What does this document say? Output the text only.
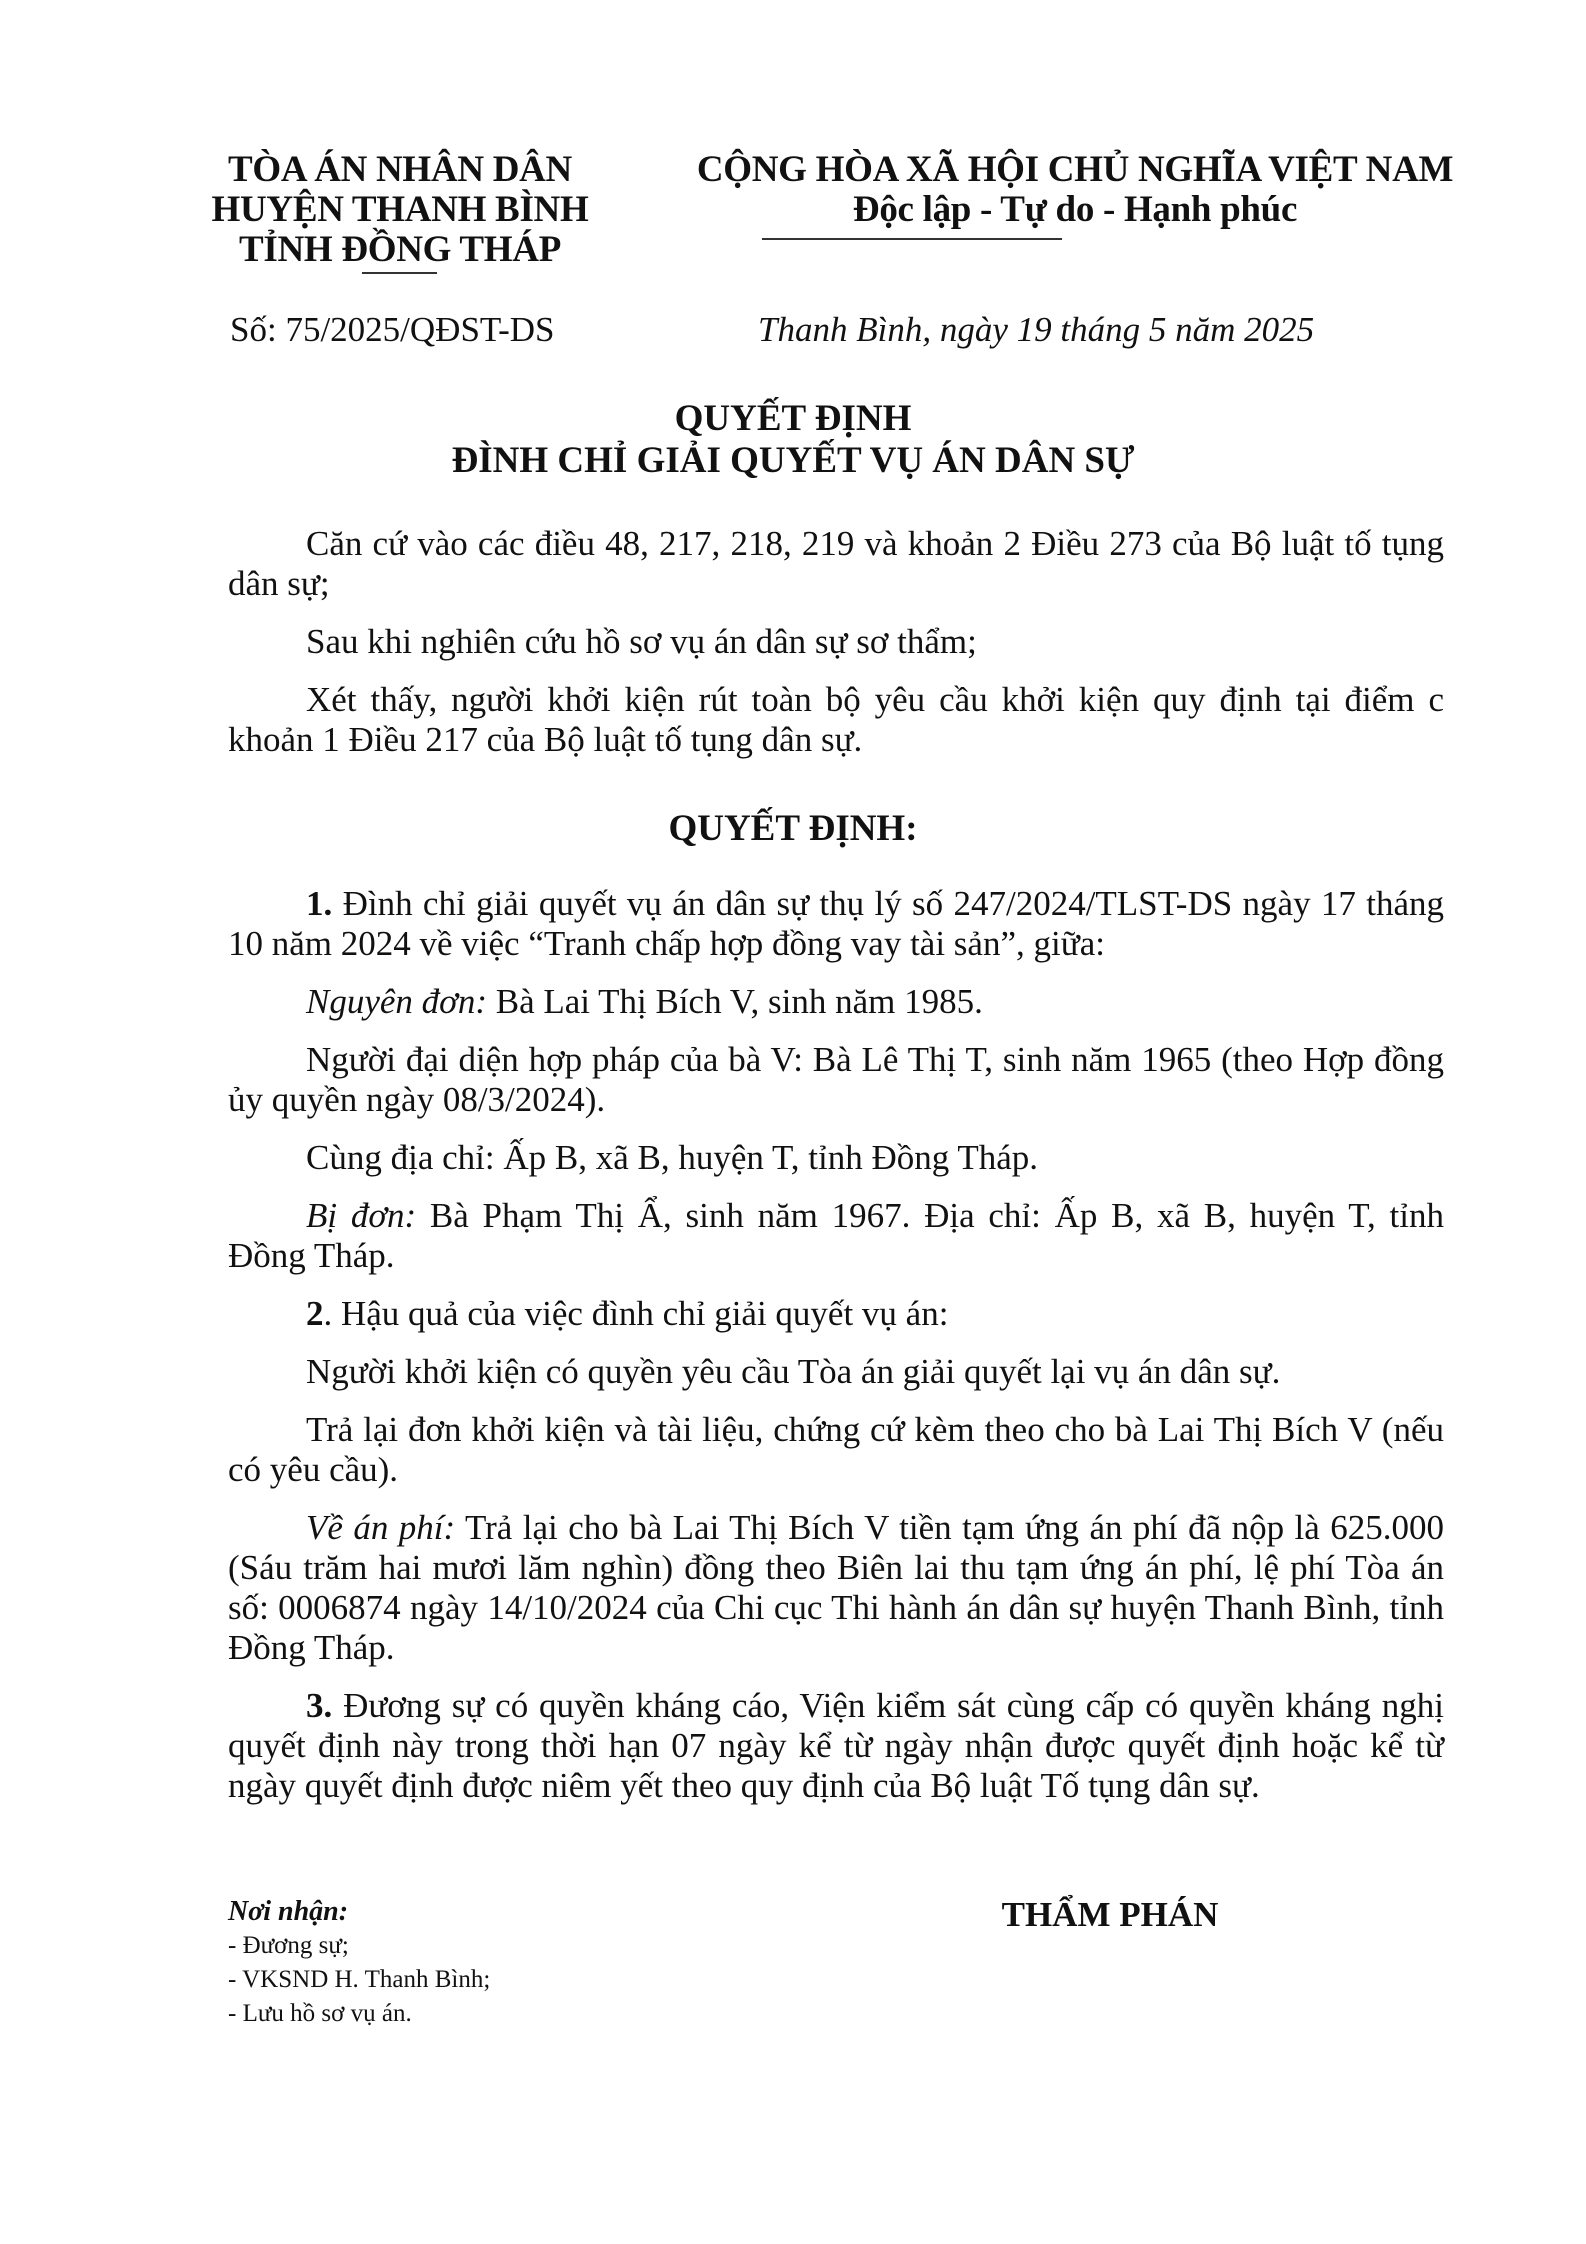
TÒA ÁN NHÂN DÂN
HUYỆN THANH BÌNH
TỈNH ĐỒNG THÁP
CỘNG HÒA XÃ HỘI CHỦ NGHĨA VIỆT NAM
Độc lập - Tự do - Hạnh phúc
Số: 75/2025/QĐST-DS	Thanh Bình, ngày 19 tháng 5 năm 2025
QUYẾT ĐỊNH
ĐÌNH CHỈ GIẢI QUYẾT VỤ ÁN DÂN SỰ

Căn cứ vào các điều 48, 217, 218, 219 và khoản 2 Điều 273 của Bộ luật tố tụng dân sự;

Sau khi nghiên cứu hồ sơ vụ án dân sự sơ thẩm;

Xét thấy, người khởi kiện rút toàn bộ yêu cầu khởi kiện quy định tại điểm c khoản 1 Điều 217 của Bộ luật tố tụng dân sự.

QUYẾT ĐỊNH:

1. Đình chỉ giải quyết vụ án dân sự thụ lý số 247/2024/TLST-DS ngày 17 tháng 10 năm 2024 về việc “Tranh chấp hợp đồng vay tài sản”, giữa:

Nguyên đơn: Bà Lai Thị Bích V, sinh năm 1985.

Người đại diện hợp pháp của bà V: Bà Lê Thị T, sinh năm 1965 (theo Hợp đồng ủy quyền ngày 08/3/2024).

Cùng địa chỉ: Ấp B, xã B, huyện T, tỉnh Đồng Tháp.

Bị đơn: Bà Phạm Thị Ẩ, sinh năm 1967. Địa chỉ: Ấp B, xã B, huyện T, tỉnh Đồng Tháp.

2. Hậu quả của việc đình chỉ giải quyết vụ án:

Người khởi kiện có quyền yêu cầu Tòa án giải quyết lại vụ án dân sự.

Trả lại đơn khởi kiện và tài liệu, chứng cứ kèm theo cho bà Lai Thị Bích V (nếu có yêu cầu).

Về án phí: Trả lại cho bà Lai Thị Bích V tiền tạm ứng án phí đã nộp là 625.000 (Sáu trăm hai mươi lăm nghìn) đồng theo Biên lai thu tạm ứng án phí, lệ phí Tòa án số: 0006874 ngày 14/10/2024 của Chi cục Thi hành án dân sự huyện Thanh Bình, tỉnh Đồng Tháp.

3. Đương sự có quyền kháng cáo, Viện kiểm sát cùng cấp có quyền kháng nghị quyết định này trong thời hạn 07 ngày kể từ ngày nhận được quyết định hoặc kể từ ngày quyết định được niêm yết theo quy định của Bộ luật Tố tụng dân sự.

Nơi nhận:
- Đương sự;
- VKSND H. Thanh Bình;
- Lưu hồ sơ vụ án.
THẨM PHÁN
